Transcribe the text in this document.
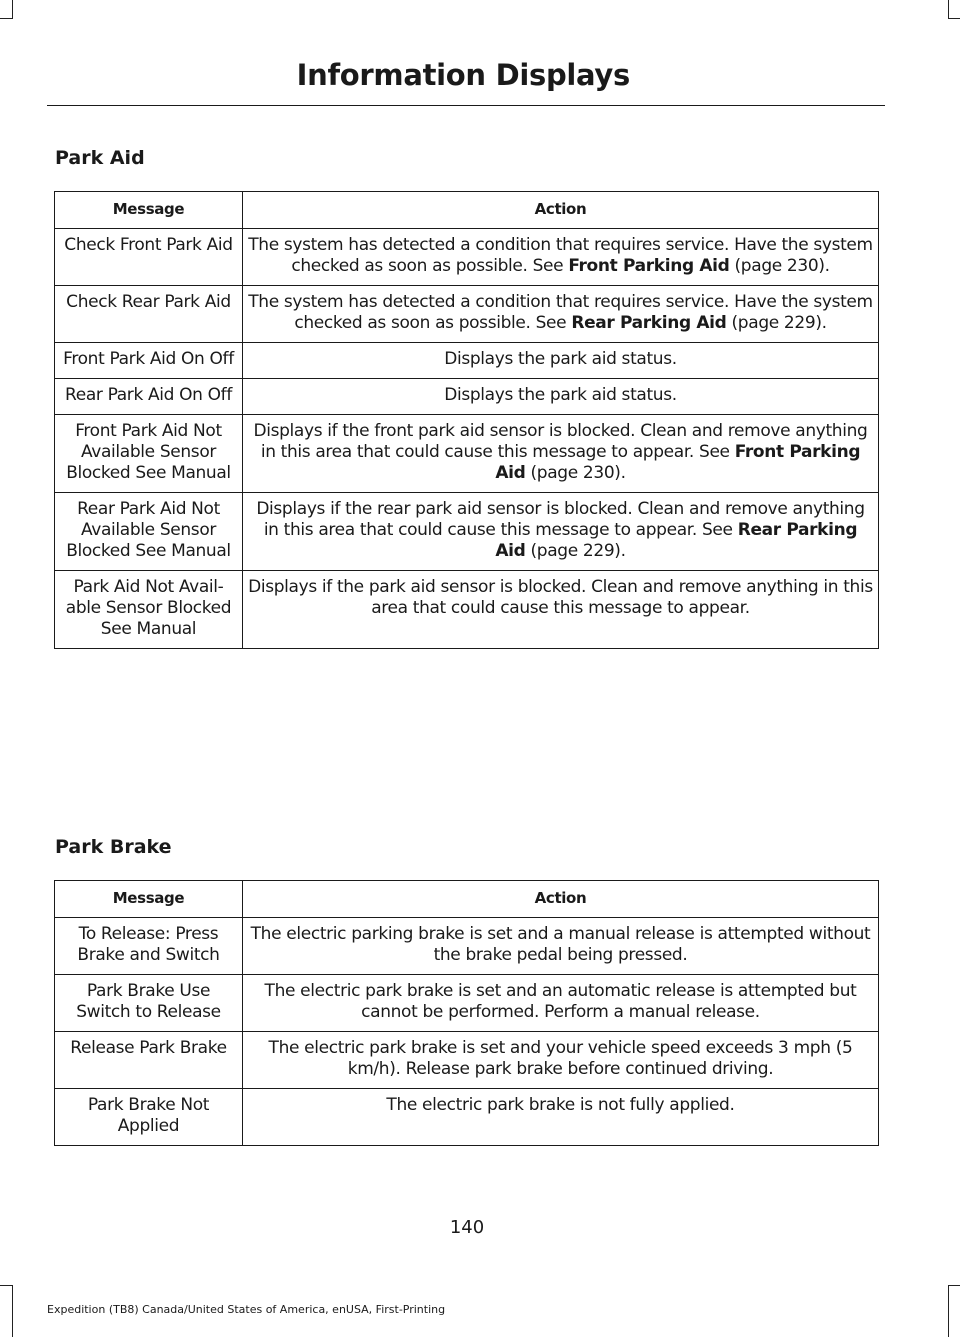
Information Displays
Park Aid
Message	Action
Check Front Park Aid	The system has detected a condition that requires service. Have the system checked as soon as possible. See Front Parking Aid (page 230).
Check Rear Park Aid	The system has detected a condition that requires service. Have the system checked as soon as possible. See Rear Parking Aid (page 229).
Front Park Aid On Off	Displays the park aid status.
Rear Park Aid On Off	Displays the park aid status.
Front Park Aid Not Available Sensor Blocked See Manual	Displays if the front park aid sensor is blocked. Clean and remove anything in this area that could cause this message to appear. See Front Parking Aid (page 230).
Rear Park Aid Not Available Sensor Blocked See Manual	Displays if the rear park aid sensor is blocked. Clean and remove anything in this area that could cause this message to appear. See Rear Parking Aid (page 229).
Park Aid Not Avail-able Sensor Blocked See Manual	Displays if the park aid sensor is blocked. Clean and remove anything in this area that could cause this message to appear.
Park Brake
Message	Action
To Release: Press Brake and Switch	The electric parking brake is set and a manual release is attempted without the brake pedal being pressed.
Park Brake Use Switch to Release	The electric park brake is set and an automatic release is attempted but cannot be performed. Perform a manual release.
Release Park Brake	The electric park brake is set and your vehicle speed exceeds 3 mph (5 km/h). Release park brake before continued driving.
Park Brake Not Applied	The electric park brake is not fully applied.
140
Expedition (TB8) Canada/United States of America, enUSA, First-Printing
